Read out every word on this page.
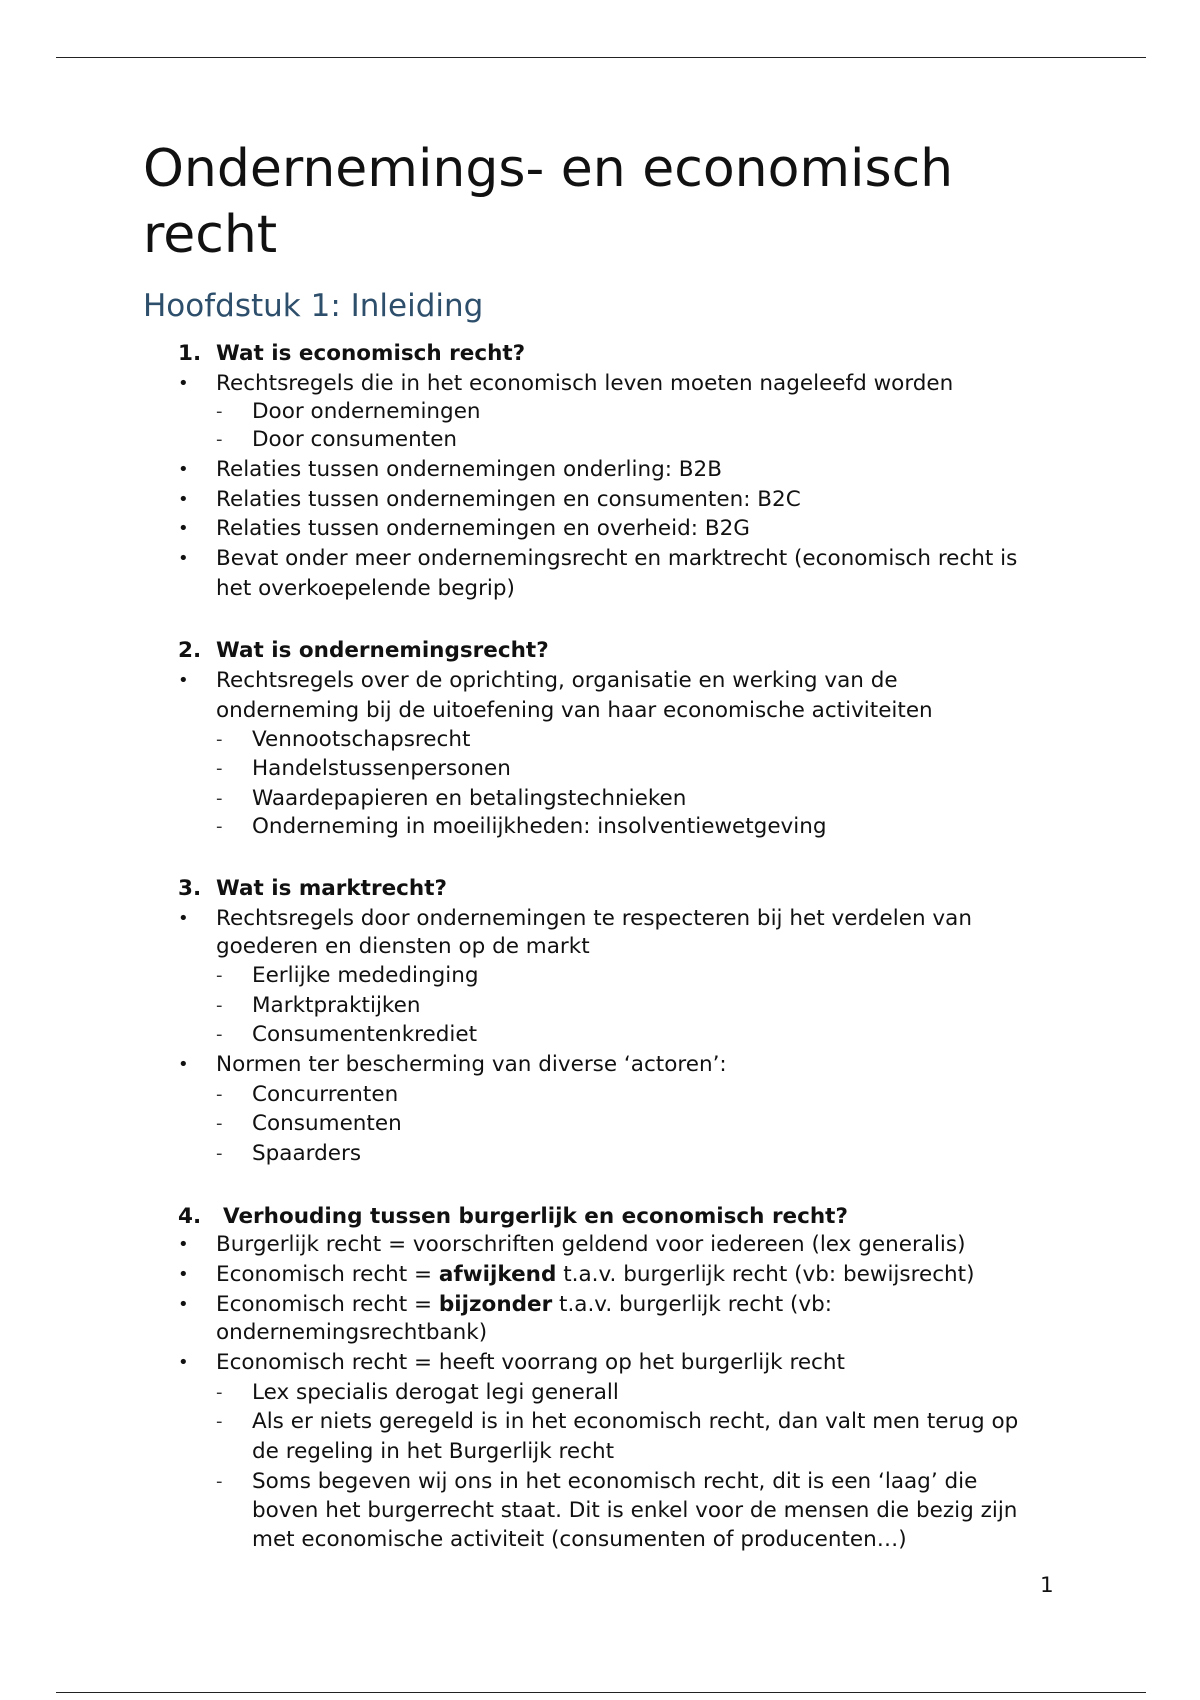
Ondernemings- en economisch recht
Hoofdstuk 1: Inleiding
1. Wat is economisch recht?
• Rechtsregels die in het economisch leven moeten nageleefd worden
- Door ondernemingen
- Door consumenten
• Relaties tussen ondernemingen onderling: B2B
• Relaties tussen ondernemingen en consumenten: B2C
• Relaties tussen ondernemingen en overheid: B2G
• Bevat onder meer ondernemingsrecht en marktrecht (economisch recht is
het overkoepelende begrip)
2. Wat is ondernemingsrecht?
• Rechtsregels over de oprichting, organisatie en werking van de
onderneming bij de uitoefening van haar economische activiteiten
- Vennootschapsrecht
- Handelstussenpersonen
- Waardepapieren en betalingstechnieken
- Onderneming in moeilijkheden: insolventiewetgeving
3. Wat is marktrecht?
• Rechtsregels door ondernemingen te respecteren bij het verdelen van
goederen en diensten op de markt
- Eerlijke mededinging
- Marktpraktijken
- Consumentenkrediet
• Normen ter bescherming van diverse ‘actoren’:
- Concurrenten
- Consumenten
- Spaarders
4. Verhouding tussen burgerlijk en economisch recht?
• Burgerlijk recht = voorschriften geldend voor iedereen (lex generalis)
• Economisch recht = afwijkend t.a.v. burgerlijk recht (vb: bewijsrecht)
• Economisch recht = bijzonder t.a.v. burgerlijk recht (vb:
ondernemingsrechtbank)
• Economisch recht = heeft voorrang op het burgerlijk recht
- Lex specialis derogat legi generall
- Als er niets geregeld is in het economisch recht, dan valt men terug op
de regeling in het Burgerlijk recht
- Soms begeven wij ons in het economisch recht, dit is een ‘laag’ die
boven het burgerrecht staat. Dit is enkel voor de mensen die bezig zijn
met economische activiteit (consumenten of producenten…)
1
